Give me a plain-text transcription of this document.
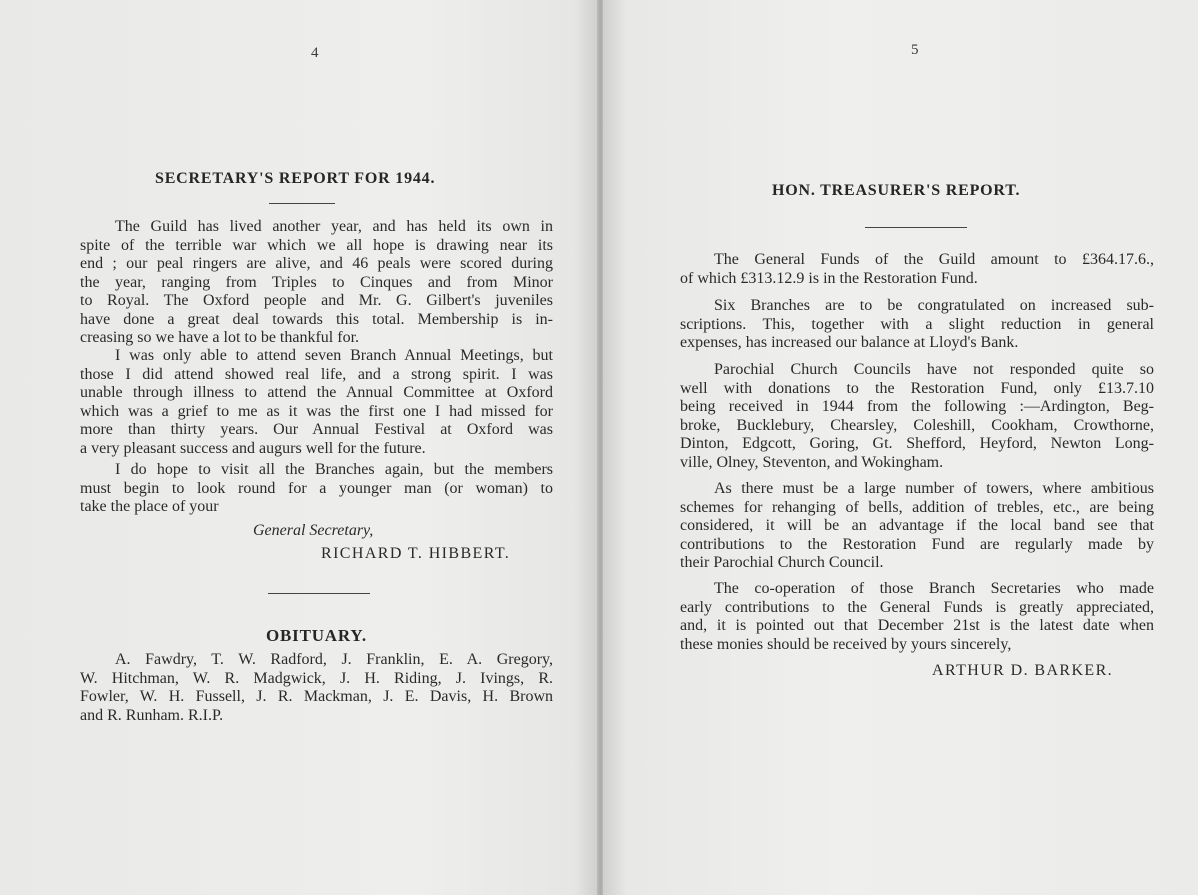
4
SECRETARY'S REPORT FOR 1944.
The Guild has lived another year, and has held its own in
spite of the terrible war which we all hope is drawing near its
end ; our peal ringers are alive, and 46 peals were scored during
the year, ranging from Triples to Cinques and from Minor
to Royal. The Oxford people and Mr. G. Gilbert's juveniles
have done a great deal towards this total. Membership is in-
creasing so we have a lot to be thankful for.
I was only able to attend seven Branch Annual Meetings, but
those I did attend showed real life, and a strong spirit. I was
unable through illness to attend the Annual Committee at Oxford
which was a grief to me as it was the first one I had missed for
more than thirty years. Our Annual Festival at Oxford was
a very pleasant success and augurs well for the future.
I do hope to visit all the Branches again, but the members
must begin to look round for a younger man (or woman) to
take the place of your
General Secretary,
RICHARD T. HIBBERT.
OBITUARY.
A. Fawdry, T. W. Radford, J. Franklin, E. A. Gregory,
W. Hitchman, W. R. Madgwick, J. H. Riding, J. Ivings, R.
Fowler, W. H. Fussell, J. R. Mackman, J. E. Davis, H. Brown
and R. Runham. R.I.P.
5
HON. TREASURER'S REPORT.
The General Funds of the Guild amount to £364.17.6.,
of which £313.12.9 is in the Restoration Fund.
Six Branches are to be congratulated on increased sub-
scriptions. This, together with a slight reduction in general
expenses, has increased our balance at Lloyd's Bank.
Parochial Church Councils have not responded quite so
well with donations to the Restoration Fund, only £13.7.10
being received in 1944 from the following :—Ardington, Beg-
broke, Bucklebury, Chearsley, Coleshill, Cookham, Crowthorne,
Dinton, Edgcott, Goring, Gt. Shefford, Heyford, Newton Long-
ville, Olney, Steventon, and Wokingham.
As there must be a large number of towers, where ambitious
schemes for rehanging of bells, addition of trebles, etc., are being
considered, it will be an advantage if the local band see that
contributions to the Restoration Fund are regularly made by
their Parochial Church Council.
The co-operation of those Branch Secretaries who made
early contributions to the General Funds is greatly appreciated,
and, it is pointed out that December 21st is the latest date when
these monies should be received by yours sincerely,
ARTHUR D. BARKER.
